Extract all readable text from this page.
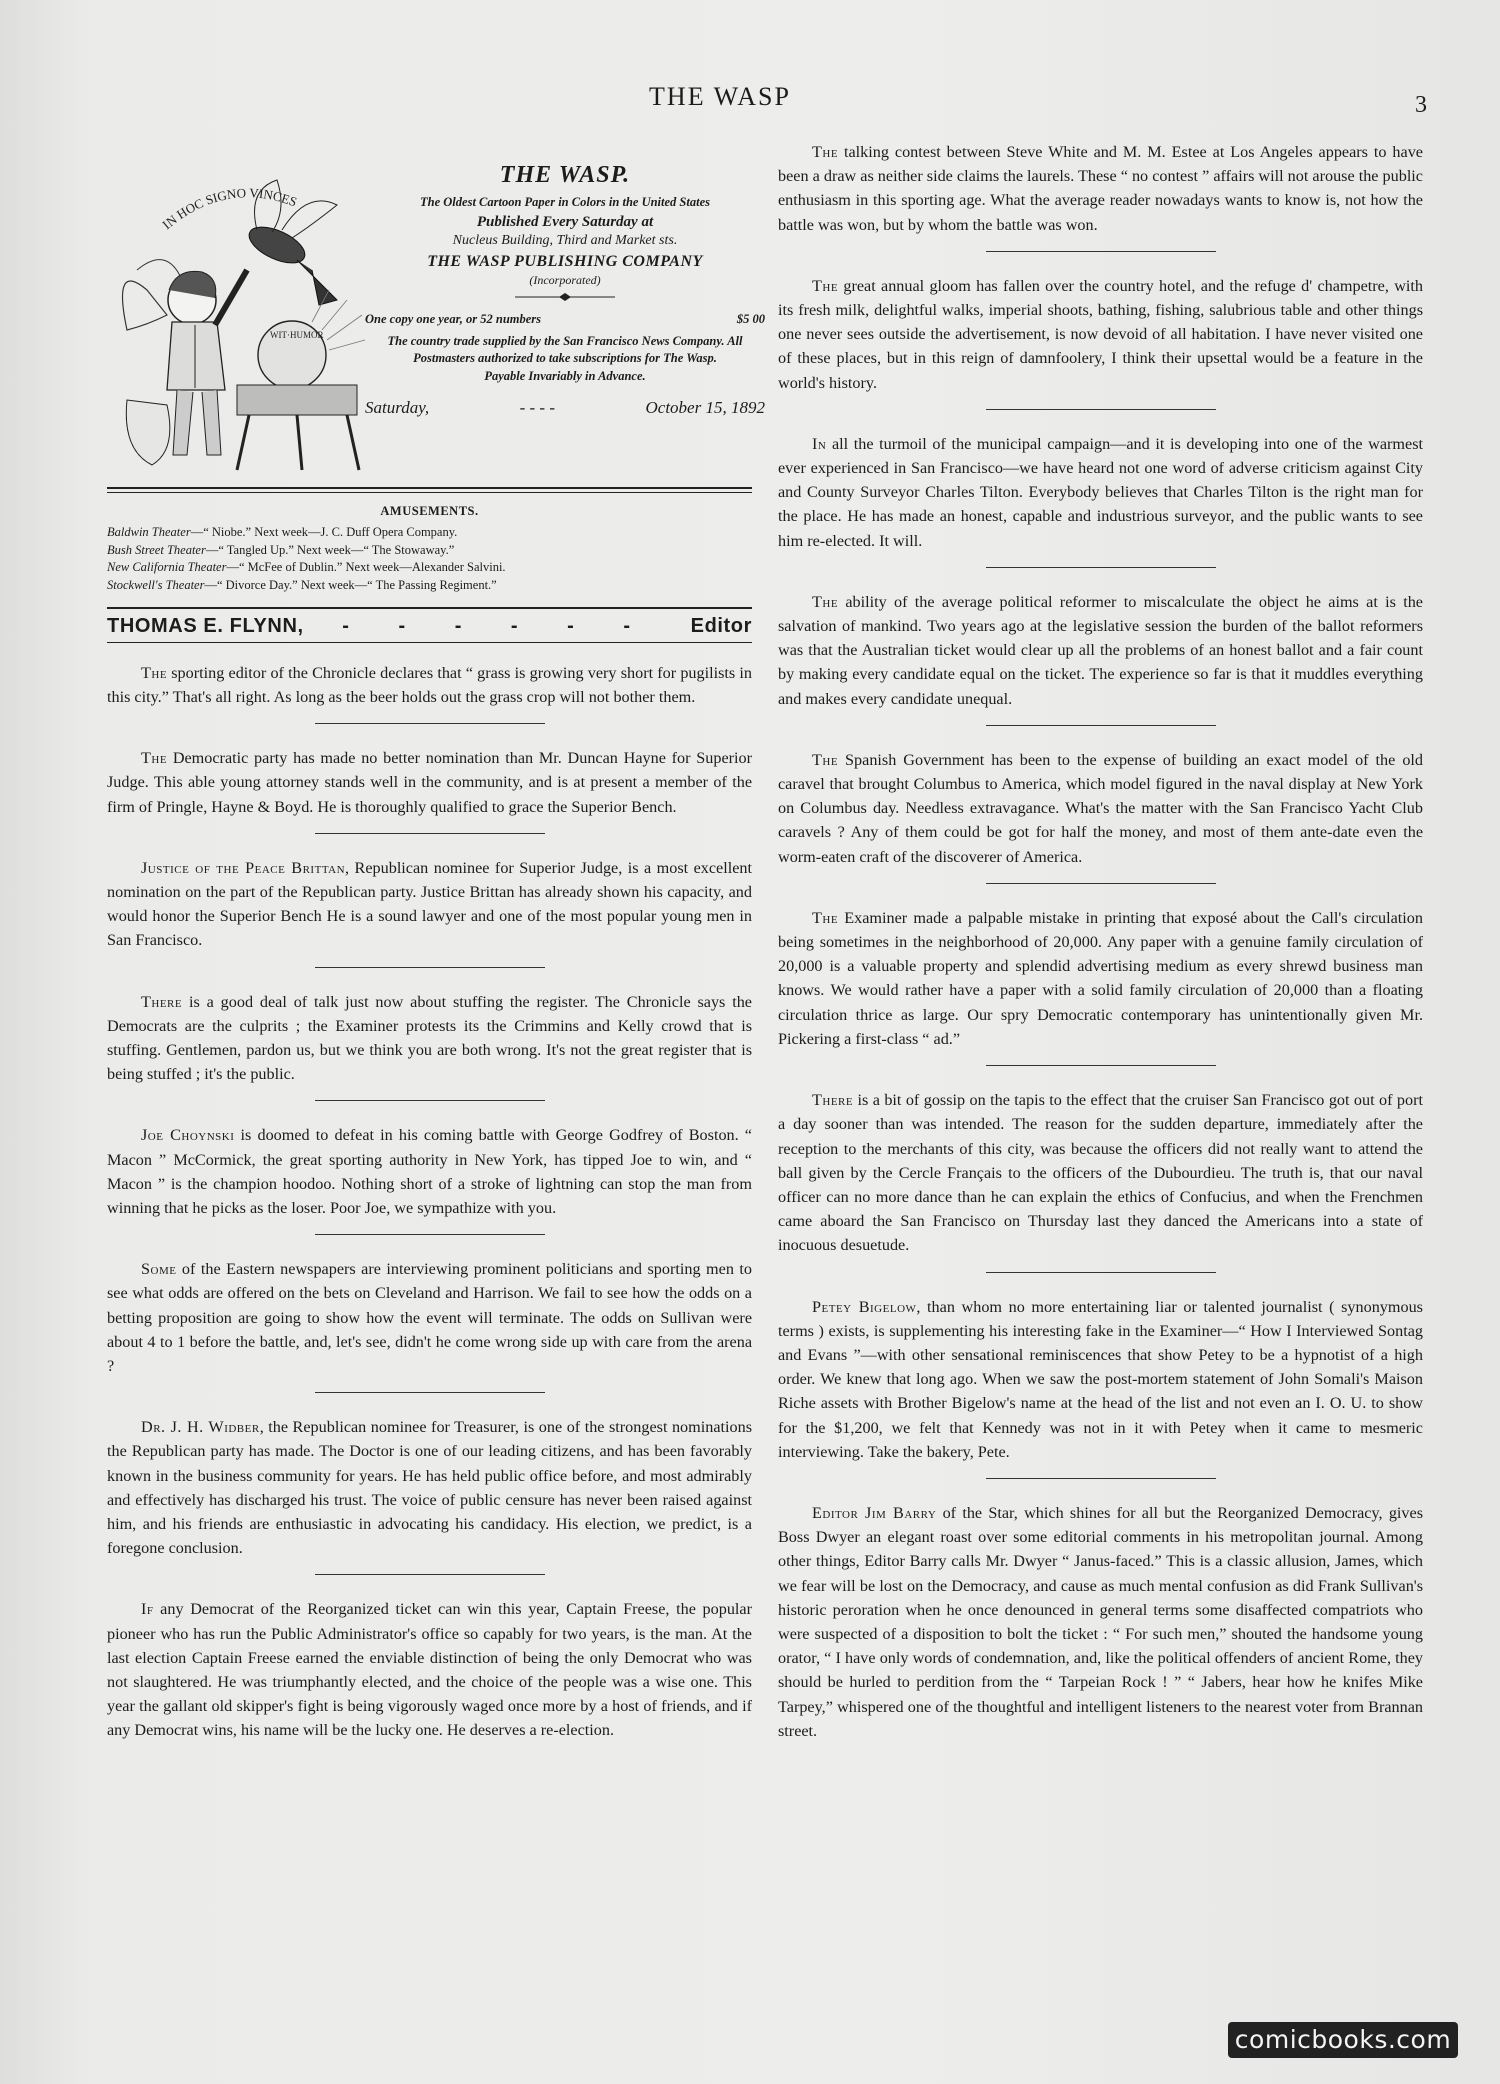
THE WASP	3
IN HOC SIGNO VINCES
WIT·HUMOR
THE WASP.
The Oldest Cartoon Paper in Colors in the United States
Published Every Saturday at
Nucleus Building, Third and Market sts.
THE WASP PUBLISHING COMPANY
(Incorporated)
One copy one year, or 52 numbers	$5 00
The country trade supplied by the San Francisco News Company. All Postmasters authorized to take subscriptions for The Wasp.
Payable Invariably in Advance.
Saturday,	- - - -	October 15, 1892
AMUSEMENTS.
Baldwin Theater—“ Niobe.” Next week—J. C. Duff Opera Company.
Bush Street Theater—“ Tangled Up.” Next week—“ The Stowaway.”
New California Theater—“ McFee of Dublin.” Next week—Alexander Salvini.
Stockwell's Theater—“ Divorce Day.” Next week—“ The Passing Regiment.”
THOMAS E. FLYNN, - - - - - - Editor

The sporting editor of the Chronicle declares that “ grass is growing very short for pugilists in this city.” That's all right. As long as the beer holds out the grass crop will not bother them.

The Democratic party has made no better nomination than Mr. Duncan Hayne for Superior Judge. This able young attorney stands well in the community, and is at present a member of the firm of Pringle, Hayne & Boyd. He is thoroughly qualified to grace the Superior Bench.

Justice of the Peace Brittan, Republican nominee for Superior Judge, is a most excellent nomination on the part of the Republican party. Justice Brittan has already shown his capacity, and would honor the Superior Bench He is a sound lawyer and one of the most popular young men in San Francisco.

There is a good deal of talk just now about stuffing the register. The Chronicle says the Democrats are the culprits ; the Examiner protests its the Crimmins and Kelly crowd that is stuffing. Gentlemen, pardon us, but we think you are both wrong. It's not the great register that is being stuffed ; it's the public.

Joe Choynski is doomed to defeat in his coming battle with George Godfrey of Boston. “ Macon ” McCormick, the great sporting authority in New York, has tipped Joe to win, and “ Macon ” is the champion hoodoo. Nothing short of a stroke of lightning can stop the man from winning that he picks as the loser. Poor Joe, we sympathize with you.

Some of the Eastern newspapers are interviewing prominent politicians and sporting men to see what odds are offered on the bets on Cleveland and Harrison. We fail to see how the odds on a betting proposition are going to show how the event will terminate. The odds on Sullivan were about 4 to 1 before the battle, and, let's see, didn't he come wrong side up with care from the arena ?

Dr. J. H. Widber, the Republican nominee for Treasurer, is one of the strongest nominations the Republican party has made. The Doctor is one of our leading citizens, and has been favorably known in the business community for years. He has held public office before, and most admirably and effectively has discharged his trust. The voice of public censure has never been raised against him, and his friends are enthusiastic in advocating his candidacy. His election, we predict, is a foregone conclusion.

If any Democrat of the Reorganized ticket can win this year, Captain Freese, the popular pioneer who has run the Public Administrator's office so capably for two years, is the man. At the last election Captain Freese earned the enviable distinction of being the only Democrat who was not slaughtered. He was triumphantly elected, and the choice of the people was a wise one. This year the gallant old skipper's fight is being vigorously waged once more by a host of friends, and if any Democrat wins, his name will be the lucky one. He deserves a re-election.

The talking contest between Steve White and M. M. Estee at Los Angeles appears to have been a draw as neither side claims the laurels. These “ no contest ” affairs will not arouse the public enthusiasm in this sporting age. What the average reader nowadays wants to know is, not how the battle was won, but by whom the battle was won.

The great annual gloom has fallen over the country hotel, and the refuge d' champetre, with its fresh milk, delightful walks, imperial shoots, bathing, fishing, salubrious table and other things one never sees outside the advertisement, is now devoid of all habitation. I have never visited one of these places, but in this reign of damnfoolery, I think their upsettal would be a feature in the world's history.

In all the turmoil of the municipal campaign—and it is developing into one of the warmest ever experienced in San Francisco—we have heard not one word of adverse criticism against City and County Surveyor Charles Tilton. Everybody believes that Charles Tilton is the right man for the place. He has made an honest, capable and industrious surveyor, and the public wants to see him re-elected. It will.

The ability of the average political reformer to miscalculate the object he aims at is the salvation of mankind. Two years ago at the legislative session the burden of the ballot reformers was that the Australian ticket would clear up all the problems of an honest ballot and a fair count by making every candidate equal on the ticket. The experience so far is that it muddles everything and makes every candidate unequal.

The Spanish Government has been to the expense of building an exact model of the old caravel that brought Columbus to America, which model figured in the naval display at New York on Columbus day. Needless extravagance. What's the matter with the San Francisco Yacht Club caravels ? Any of them could be got for half the money, and most of them ante-date even the worm-eaten craft of the discoverer of America.

The Examiner made a palpable mistake in printing that exposé about the Call's circulation being sometimes in the neighborhood of 20,000. Any paper with a genuine family circulation of 20,000 is a valuable property and splendid advertising medium as every shrewd business man knows. We would rather have a paper with a solid family circulation of 20,000 than a floating circulation thrice as large. Our spry Democratic contemporary has unintentionally given Mr. Pickering a first-class “ ad.”

There is a bit of gossip on the tapis to the effect that the cruiser San Francisco got out of port a day sooner than was intended. The reason for the sudden departure, immediately after the reception to the merchants of this city, was because the officers did not really want to attend the ball given by the Cercle Français to the officers of the Dubourdieu. The truth is, that our naval officer can no more dance than he can explain the ethics of Confucius, and when the Frenchmen came aboard the San Francisco on Thursday last they danced the Americans into a state of inocuous desuetude.

Petey Bigelow, than whom no more entertaining liar or talented journalist ( synonymous terms ) exists, is supplementing his interesting fake in the Examiner—“ How I Interviewed Sontag and Evans ”—with other sensational reminiscences that show Petey to be a hypnotist of a high order. We knew that long ago. When we saw the post-mortem statement of John Somali's Maison Riche assets with Brother Bigelow's name at the head of the list and not even an I. O. U. to show for the $1,200, we felt that Kennedy was not in it with Petey when it came to mesmeric interviewing. Take the bakery, Pete.

Editor Jim Barry of the Star, which shines for all but the Reorganized Democracy, gives Boss Dwyer an elegant roast over some editorial comments in his metropolitan journal. Among other things, Editor Barry calls Mr. Dwyer “ Janus-faced.” This is a classic allusion, James, which we fear will be lost on the Democracy, and cause as much mental confusion as did Frank Sullivan's historic peroration when he once denounced in general terms some disaffected compatriots who were suspected of a disposition to bolt the ticket : “ For such men,” shouted the handsome young orator, “ I have only words of condemnation, and, like the political offenders of ancient Rome, they should be hurled to perdition from the “ Tarpeian Rock ! ” “ Jabers, hear how he knifes Mike Tarpey,” whispered one of the thoughtful and intelligent listeners to the nearest voter from Brannan street.

comicbooks.com
